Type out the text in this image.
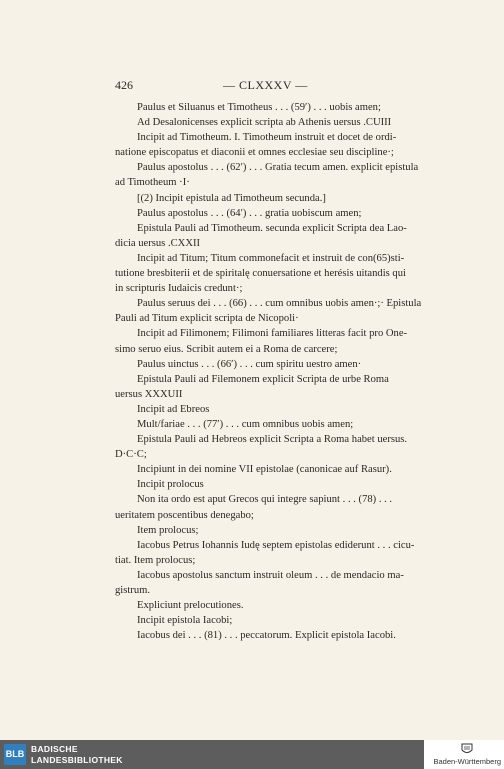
426	— CLXXXV —

Paulus et Siluanus et Timotheus . . . (59ʹ) . . . uobis amen;

Ad Desalonicenses explicit scripta ab Athenis uersus .CUIII

Incipit ad Timotheum. I. Timotheum instruit et docet de ordi-

natione episcopatus et diaconii et omnes ecclesiae seu discipline·;

Paulus apostolus . . . (62ʹ) . . . Gratia tecum amen. explicit epistula

ad Timotheum ·I·

[(2) Incipit epistula ad Timotheum secunda.]

Paulus apostolus . . . (64ʹ) . . . gratia uobiscum amen;

Epistula Pauli ad Timotheum. secunda explicit Scripta dea Lao-

dicia uersus .CXXII

Incipit ad Titum; Titum commonefacit et instruit de con(65)sti-

tutione bresbiterii et de spiritalę conuersatione et herésis uitandis qui

in scripturis Iudaicis credunt·;

Paulus seruus dei . . . (66) . . . cum omnibus uobis amen·;· Epistula

Pauli ad Titum explicit scripta de Nicopoli·

Incipit ad Filimonem; Filimoni familiares litteras facit pro One-

simo seruo eius. Scribit autem ei a Roma de carcere;

Paulus uinctus . . . (66ʹ) . . . cum spiritu uestro amen·

Epistula Pauli ad Filemonem explicit Scripta de urbe Roma

uersus XXXUII

Incipit ad Ebreos

Mult/fariae . . . (77ʹ) . . . cum omnibus uobis amen;

Epistula Pauli ad Hebreos explicit Scripta a Roma habet uersus.

D·C·C;

Incipiunt in dei nomine VII epistolae (canonicae auf Rasur).

Incipit prolocus

Non ita ordo est aput Grecos qui integre sapiunt . . . (78) . . .

ueritatem poscentibus denegabo;

Item prolocus;

Iacobus Petrus Iohannis Iudę septem epistolas ediderunt . . . cicu-

tiat. Item prolocus;

Iacobus apostolus sanctum instruit oleum . . . de mendacio ma-

gistrum.

Expliciunt prelocutiones.

Incipit epistola Iacobi;

Iacobus dei . . . (81) . . . peccatorum. Explicit epistola Iacobi.

BLB BADISCHE
LANDESBIBLIOTHEK	Baden-Württemberg
